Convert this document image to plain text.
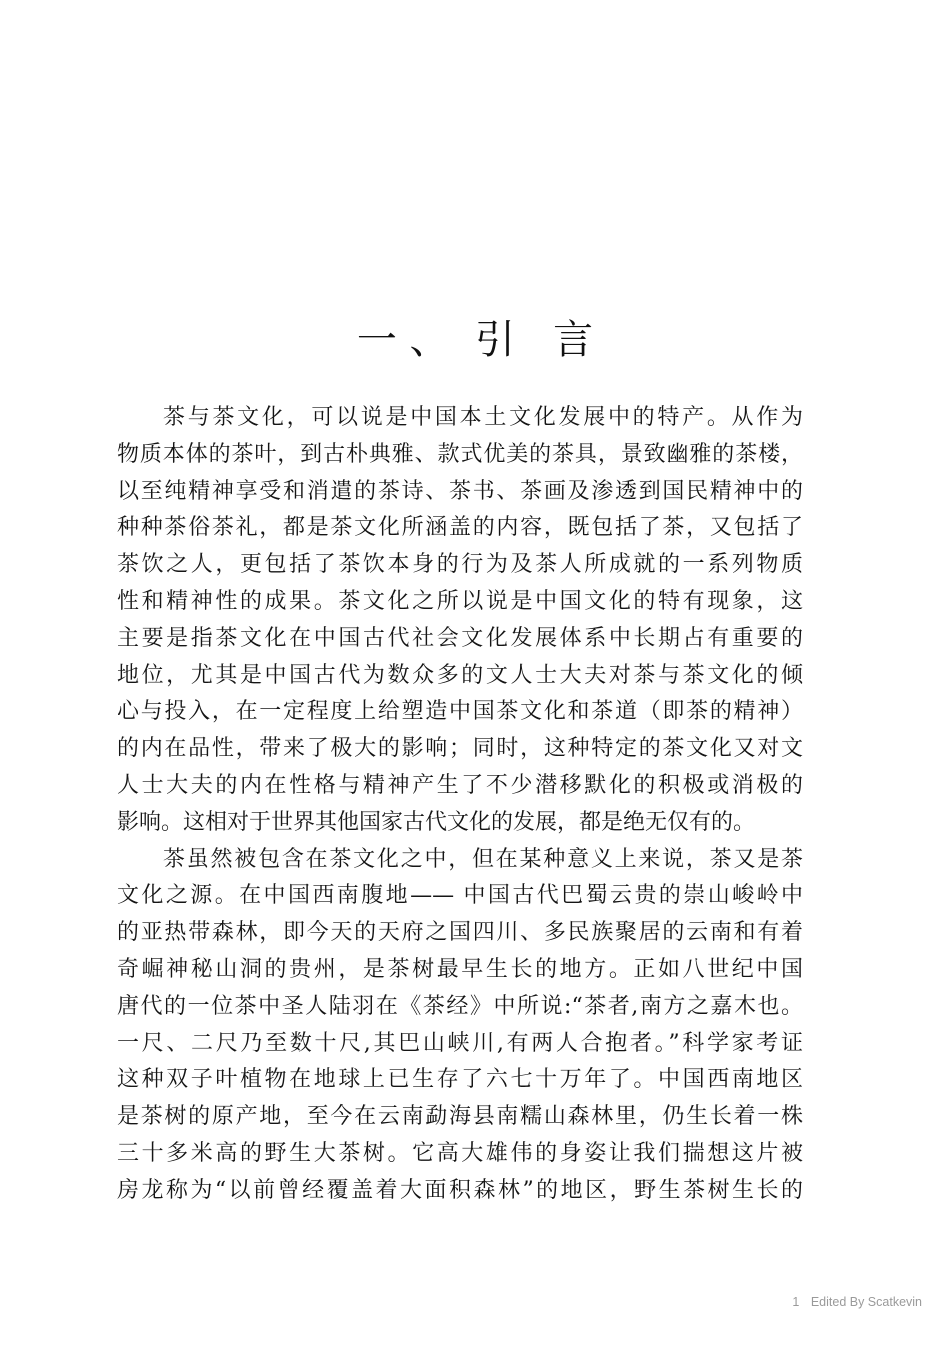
一 、  引   言
茶与茶文化，可以说是中国本土文化发展中的特产。从作为
物质本体的茶叶，到古朴典雅、款式优美的茶具，景致幽雅的茶楼，
以至纯精神享受和消遣的茶诗、茶书、茶画及渗透到国民精神中的
种种茶俗茶礼，都是茶文化所涵盖的内容，既包括了茶，又包括了
茶饮之人，更包括了茶饮本身的行为及茶人所成就的一系列物质
性和精神性的成果。茶文化之所以说是中国文化的特有现象，这
主要是指茶文化在中国古代社会文化发展体系中长期占有重要的
地位，尤其是中国古代为数众多的文人士大夫对茶与茶文化的倾
心与投入，在一定程度上给塑造中国茶文化和茶道（即茶的精神）
的内在品性，带来了极大的影响；同时，这种特定的茶文化又对文
人士大夫的内在性格与精神产生了不少潜移默化的积极或消极的
影响。这相对于世界其他国家古代文化的发展，都是绝无仅有的。
茶虽然被包含在茶文化之中，但在某种意义上来说，茶又是茶
文化之源。在中国西南腹地—— 中国古代巴蜀云贵的崇山峻岭中
的亚热带森林，即今天的天府之国四川、多民族聚居的云南和有着
奇崛神秘山洞的贵州，是茶树最早生长的地方。正如八世纪中国
唐代的一位茶中圣人陆羽在《茶经》中所说:“茶者,南方之嘉木也。
一尺、二尺乃至数十尺,其巴山峡川,有两人合抱者。”科学家考证
这种双子叶植物在地球上已生存了六七十万年了。中国西南地区
是茶树的原产地，至今在云南勐海县南糯山森林里，仍生长着一株
三十多米高的野生大茶树。它高大雄伟的身姿让我们揣想这片被
房龙称为“以前曾经覆盖着大面积森林”的地区，野生茶树生长的
1 Edited By Scatkevin
